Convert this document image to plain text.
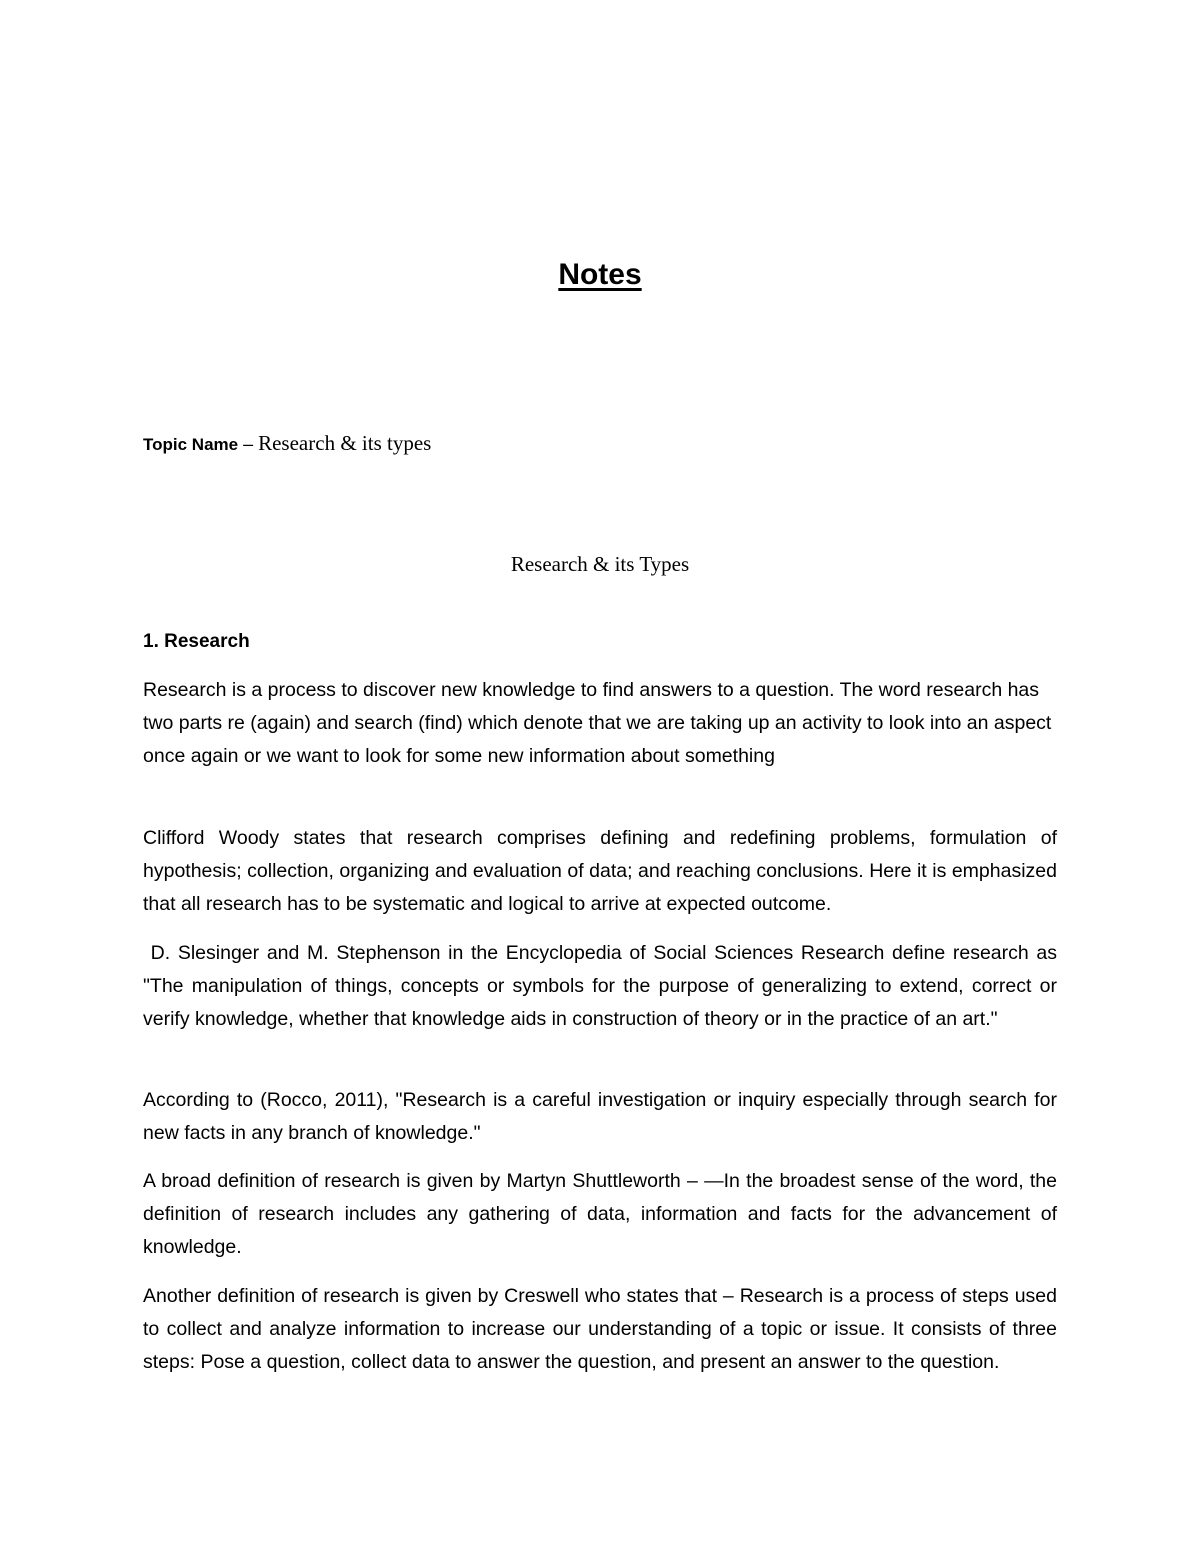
Notes
Topic Name – Research & its types
Research & its Types
1. Research

Research is a process to discover new knowledge to find answers to a question. The word research has two parts re (again) and search (find) which denote that we are taking up an activity to look into an aspect once again or we want to look for some new information about something

Clifford Woody states that research comprises defining and redefining problems, formulation of hypothesis; collection, organizing and evaluation of data; and reaching conclusions. Here it is emphasized that all research has to be systematic and logical to arrive at expected outcome.

D. Slesinger and M. Stephenson in the Encyclopedia of Social Sciences Research define research as "The manipulation of things, concepts or symbols for the purpose of generalizing to extend, correct or verify knowledge, whether that knowledge aids in construction of theory or in the practice of an art."

According to (Rocco, 2011), "Research is a careful investigation or inquiry especially through search for new facts in any branch of knowledge."

A broad definition of research is given by Martyn Shuttleworth – —In the broadest sense of the word, the definition of research includes any gathering of data, information and facts for the advancement of knowledge.

Another definition of research is given by Creswell who states that – Research is a process of steps used to collect and analyze information to increase our understanding of a topic or issue. It consists of three steps: Pose a question, collect data to answer the question, and present an answer to the question.
